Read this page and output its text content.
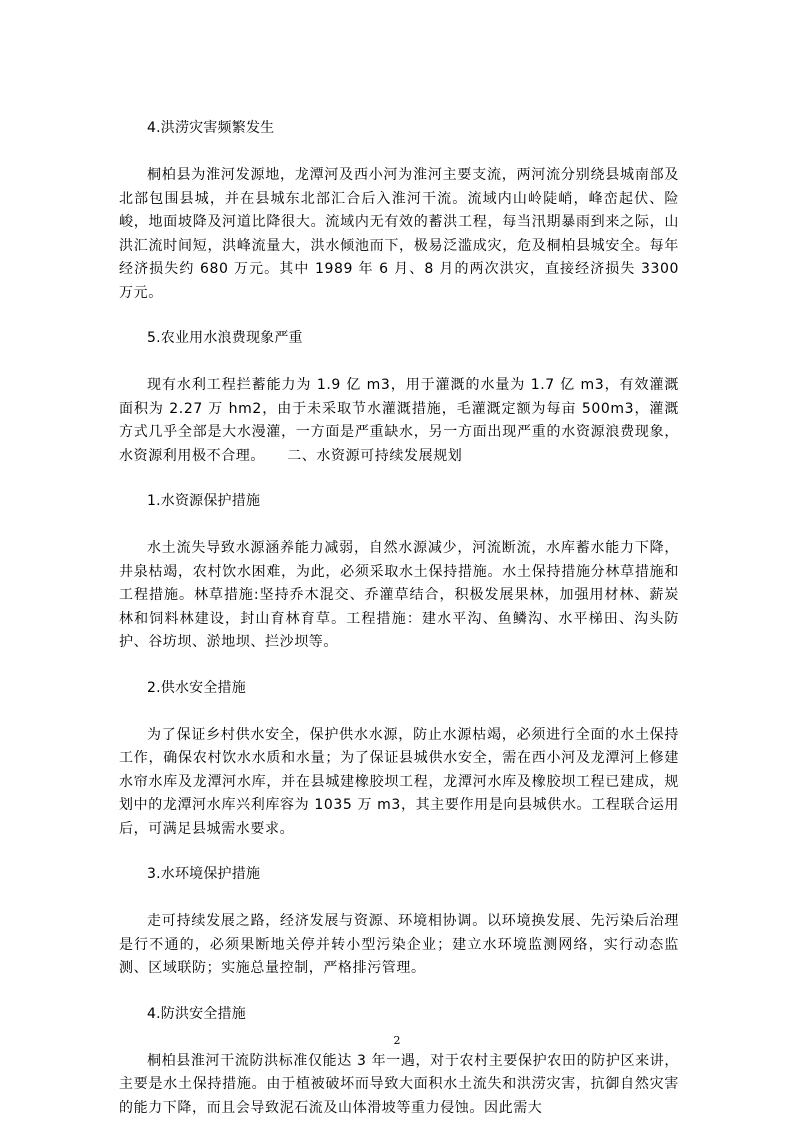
4.洪涝灾害频繁发生
桐柏县为淮河发源地，龙潭河及西小河为淮河主要支流，两河流分别绕县城南部及北部包围县城，并在县城东北部汇合后入淮河干流。流域内山岭陡峭，峰峦起伏、险峻，地面坡降及河道比降很大。流域内无有效的蓄洪工程，每当汛期暴雨到来之际，山洪汇流时间短，洪峰流量大，洪水倾池而下，极易泛滥成灾，危及桐柏县城安全。每年经济损失约 680 万元。其中 1989 年 6 月、8 月的两次洪灾，直接经济损失 3300 万元。
5.农业用水浪费现象严重
现有水利工程拦蓄能力为 1.9 亿 m3，用于灌溉的水量为 1.7 亿 m3，有效灌溉面积为 2.27 万 hm2，由于未采取节水灌溉措施，毛灌溉定额为每亩 500m3，灌溉方式几乎全部是大水漫灌，一方面是严重缺水，另一方面出现严重的水资源浪费现象，水资源利用极不合理。　　二、水资源可持续发展规划
1.水资源保护措施
水土流失导致水源涵养能力减弱，自然水源减少，河流断流，水库蓄水能力下降，井泉枯竭，农村饮水困难，为此，必须采取水土保持措施。水土保持措施分林草措施和工程措施。林草措施:坚持乔木混交、乔灌草结合，积极发展果林，加强用材林、薪炭林和饲料林建设，封山育林育草。工程措施：建水平沟、鱼鳞沟、水平梯田、沟头防护、谷坊坝、淤地坝、拦沙坝等。
2.供水安全措施
为了保证乡村供水安全，保护供水水源，防止水源枯竭，必须进行全面的水土保持工作，确保农村饮水水质和水量；为了保证县城供水安全，需在西小河及龙潭河上修建水帘水库及龙潭河水库，并在县城建橡胶坝工程，龙潭河水库及橡胶坝工程已建成，规划中的龙潭河水库兴利库容为 1035 万 m3，其主要作用是向县城供水。工程联合运用后，可满足县城需水要求。
3.水环境保护措施
走可持续发展之路，经济发展与资源、环境相协调。以环境换发展、先污染后治理是行不通的，必须果断地关停并转小型污染企业；建立水环境监测网络，实行动态监测、区域联防；实施总量控制，严格排污管理。
4.防洪安全措施
桐柏县淮河干流防洪标准仅能达 3 年一遇，对于农村主要保护农田的防护区来讲，主要是水土保持措施。由于植被破坏而导致大面积水土流失和洪涝灾害，抗御自然灾害的能力下降，而且会导致泥石流及山体滑坡等重力侵蚀。因此需大
2
